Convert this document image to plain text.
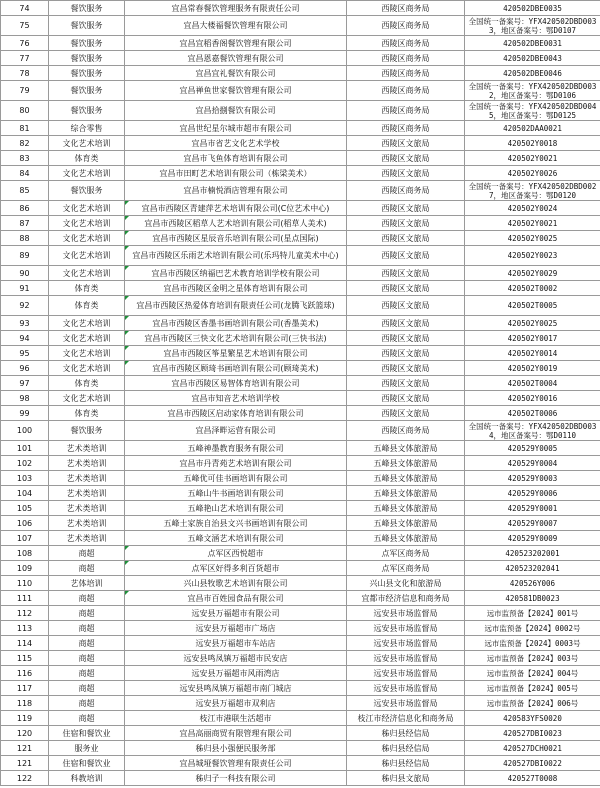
74	餐饮服务	宜昌常春餐饮管理服务有限责任公司	西陵区商务局	420502DBE0035
75	餐饮服务	宜昌大楼福餐饮管理有限公司	西陵区商务局	全国统一备案号：YFX420502DBD0033，地区备案号：鄂D0107
76	餐饮服务	宜昌宜稻香阁餐饮管理有限公司	西陵区商务局	420502DBE0031
77	餐饮服务	宜昌恩嘉餐饮管理有限公司	西陵区商务局	420502DBE0043
78	餐饮服务	宜昌宜礼餐饮有限公司	西陵区商务局	420502DBE0046
79	餐饮服务	宜昌禅鱼世家餐饮管理有限公司	西陵区商务局	全国统一备案号：YFX420502DBD0032，地区备案号：鄂D0106
80	餐饮服务	宜昌拾捌餐饮有限公司	西陵区商务局	全国统一备案号：YFX420502DBD0045，地区备案号：鄂D0125
81	综合零售	宜昌世纪星尔城市超市有限公司	西陵区商务局	420502DAA0021
82	文化艺术培训	宜昌市省艺文化艺术学校	西陵区文旅局	420502Y0018
83	体育类	宜昌市飞鱼体育培训有限公司	西陵区文旅局	420502Y0021
84	文化艺术培训	宜昌市田町艺术培训有限公司（栋梁美术）	西陵区文旅局	420502Y0026
85	餐饮服务	宜昌市楠悦酒店管理有限公司	西陵区商务局	全国统一备案号：YFX420502DBD0027，地区备案号：鄂D0120
86	文化艺术培训	宜昌市西陵区青建萍艺术培训有限公司(C位艺术中心)	西陵区文旅局	420502Y0024
87	文化艺术培训	宜昌市西陵区稻草人艺术培训有限公司(稻草人美术)	西陵区文旅局	420502Y0021
88	文化艺术培训	宜昌市西陵区星辰音乐培训有限公司(星点国际)	西陵区文旅局	420502Y0025
89	文化艺术培训	宜昌市西陵区乐雨艺术培训有限公司(乐玛特儿童美术中心)	西陵区文旅局	420502Y0023
90	文化艺术培训	宜昌市西陵区纳福巴艺术教育培训学校有限公司	西陵区文旅局	420502Y0029
91	体育类	宜昌市西陵区金明之星体育培训有限公司	西陵区文旅局	420502T0002
92	体育类	宜昌市西陵区热爱体育培训有限责任公司(龙腾飞跃篮球)	西陵区文旅局	420502T0005
93	文化艺术培训	宜昌市西陵区香墨书画培训有限公司(香墨美术)	西陵区文旅局	420502Y0025
94	文化艺术培训	宜昌市西陵区三快文化艺术培训有限公司(三快书法)	西陵区文旅局	420502Y0017
95	文化艺术培训	宜昌市西陵区筝星繁星艺术培训有限公司	西陵区文旅局	420502Y0014
96	文化艺术培训	宜昌市西陵区顾琦书画培训有限公司(顾琦美术)	西陵区文旅局	420502Y0019
97	体育类	宜昌市西陵区易智体育培训有限公司	西陵区文旅局	420502T0004
98	文化艺术培训	宜昌市知音艺术培训学校	西陵区文旅局	420502Y0016
99	体育类	宜昌市西陵区启动家体育培训有限公司	西陵区文旅局	420502T0006
100	餐饮服务	宜昌泽畔运营有限公司	西陵区商务局	全国统一备案号：YFX420502DBD0034，地区备案号：鄂D0110
101	艺术类培训	五峰神墨教育服务有限公司	五峰县文体旅游局	420529Y0005
102	艺术类培训	宜昌市丹青苑艺术培训有限公司	五峰县文体旅游局	420529Y0004
103	艺术类培训	五峰优可佳书画培训有限公司	五峰县文体旅游局	420529Y0003
104	艺术类培训	五峰山牛书画培训有限公司	五峰县文体旅游局	420529Y0006
105	艺术类培训	五峰艳山艺术培训有限公司	五峰县文体旅游局	420529Y0001
106	艺术类培训	五峰土家族自治县文兴书画培训有限公司	五峰县文体旅游局	420529Y0007
107	艺术类培训	五峰文涵艺术培训有限公司	五峰县文体旅游局	420529Y0009
108	商超	点军区西悦超市	点军区商务局	420523202001
109	商超	点军区好得多利百货超市	点军区商务局	420523202041
110	艺体培训	兴山县牧歌艺术培训有限公司	兴山县文化和旅游局	420526Y006
111	商超	宜昌市百姓园食品有限公司	宜都市经济信息和商务局	420581DB0023
112	商超	远安县万福超市有限公司	远安县市场监督局	远市监预备【2024】001号
113	商超	远安县万福超市广场店	远安县市场监督局	远市监预备【2024】0002号
114	商超	远安县万福超市车站店	远安县市场监督局	远市监预备【2024】0003号
115	商超	远安县鸣凤镇万福超市民安店	远安县市场监督局	远市监预备【2024】003号
116	商超	远安县万福超市风雨湾店	远安县市场监督局	远市监预备【2024】004号
117	商超	远安县鸣凤镇万福超市南门城店	远安县市场监督局	远市监预备【2024】005号
118	商超	远安县万福超市双利店	远安县市场监督局	远市监预备【2024】006号
119	商超	枝江市港联生活超市	枝江市经济信息化和商务局	420583YFS0020
120	住宿和餐饮业	宜昌高丽商贸有限管理有限公司	秭归县经信局	420527DBI0023
121	服务业	秭归县小强便民服务部	秭归县经信局	420527DCH0021
121	住宿和餐饮业	宜昌城垭餐饮管理有限责任公司	秭归县经信局	420527DBI0022
122	科教培训	秭归子一科技有限公司	秭归县文旅局	420527T0008
